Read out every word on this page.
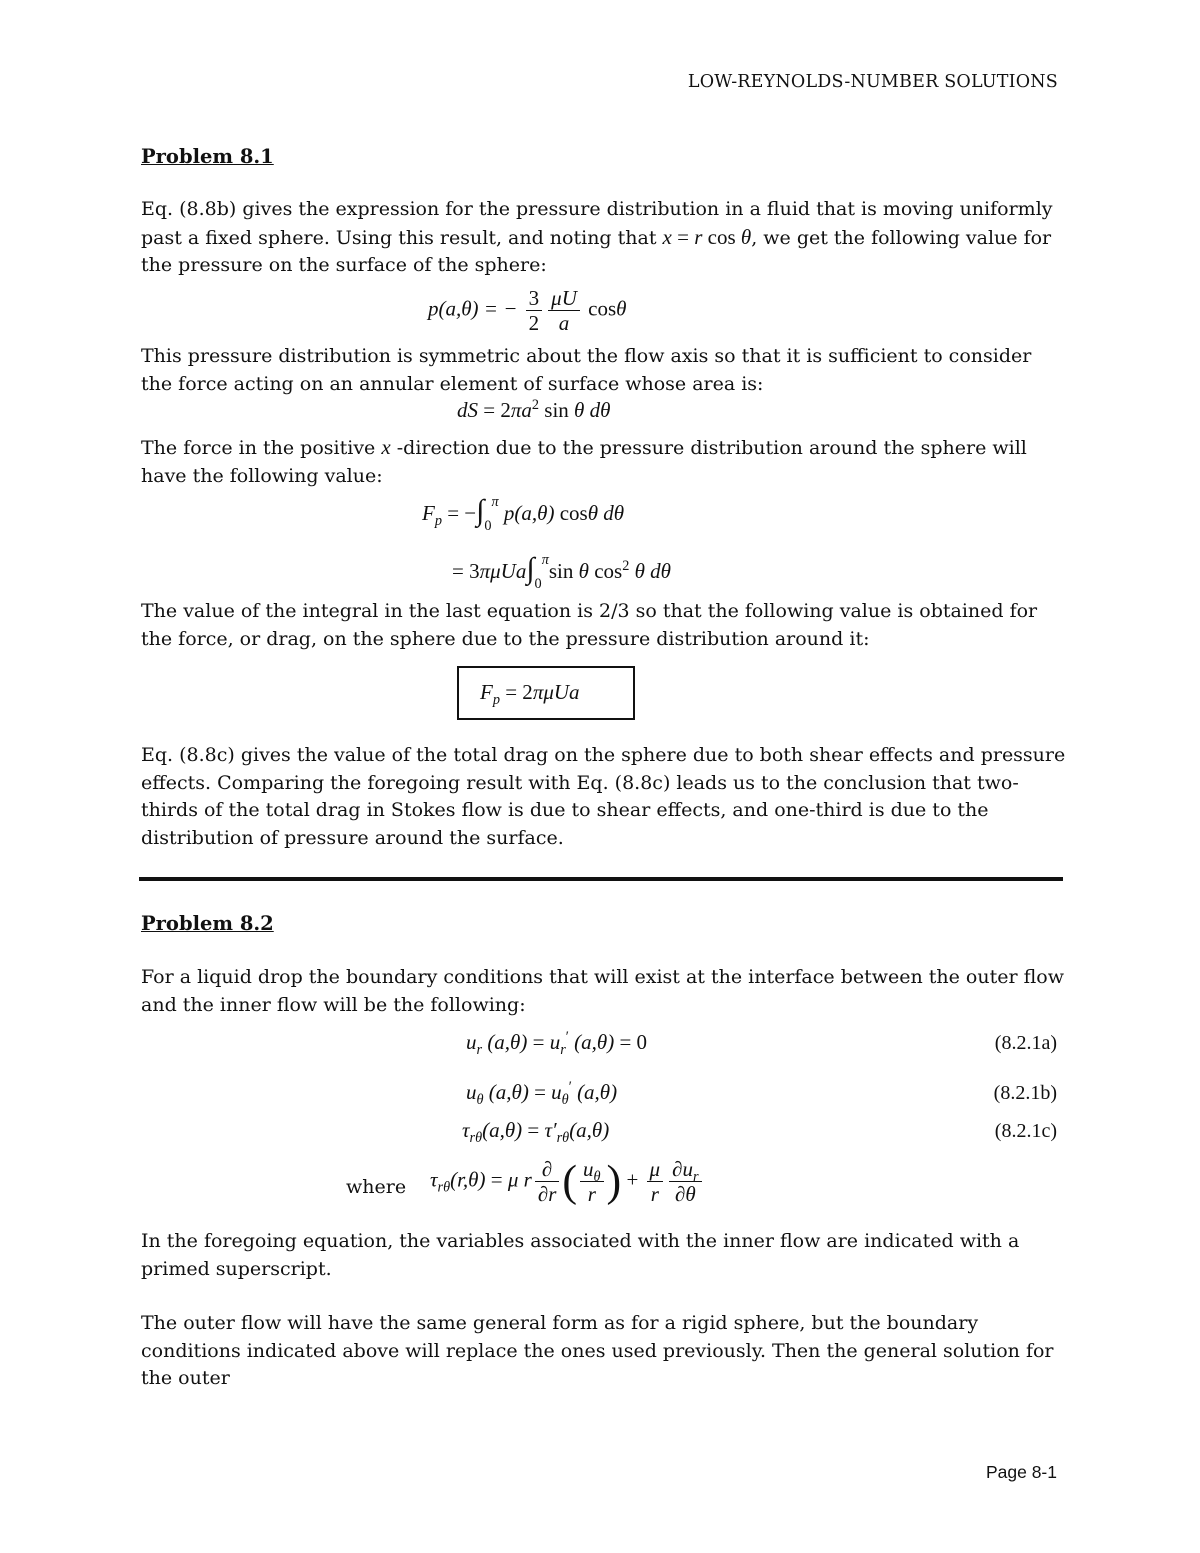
LOW-REYNOLDS-NUMBER SOLUTIONS
Problem 8.1
Eq. (8.8b) gives the expression for the pressure distribution in a fluid that is moving uniformly past a fixed sphere. Using this result, and noting that x = r cos θ, we get the following value for the pressure on the surface of the sphere:
p(a,θ) = − $\frac{3}{2} \frac{\mu U}{a}$ cosθ
This pressure distribution is symmetric about the flow axis so that it is sufficient to consider the force acting on an annular element of surface whose area is:
dS = $2\pi a^2$ sin θ dθ
The force in the positive x -direction due to the pressure distribution around the sphere will have the following value:
$F_p = -\int_0^\pi$ p(a,θ) cosθ dθ
= $3\pi\mu Ua\int_0^\pi\sin$ θ $\cos^2 \theta$ dθ
The value of the integral in the last equation is 2/3 so that the following value is obtained for the force, or drag, on the sphere due to the pressure distribution around it:
$F_p = 2\pi\mu Ua$
Eq. (8.8c) gives the value of the total drag on the sphere due to both shear effects and pressure effects. Comparing the foregoing result with Eq. (8.8c) leads us to the conclusion that two-thirds of the total drag in Stokes flow is due to shear effects, and one-third is due to the distribution of pressure around the surface.
Problem 8.2
For a liquid drop the boundary conditions that will exist at the interface between the outer flow and the inner flow will be the following:
$u_r$ $(a,\theta) = u_r'$ (a,θ) = 0	(8.2.1a)
$u_\theta$ $(a,\theta) = u_\theta'$ (a,θ)	(8.2.1b)
$\tau_{r\theta}(a,\theta) = \tau'_{r\theta}(a,\theta)$	(8.2.1c)
where $\tau_{r\theta}(r,\theta) = \mu$ r $\frac{\partial}{\partial r}$ ( $\frac{u_\theta}{r}$ ) + $\frac{\mu}{r} \frac{\partial u_r}{\partial\theta}$
In the foregoing equation, the variables associated with the inner flow are indicated with a primed superscript.
The outer flow will have the same general form as for a rigid sphere, but the boundary conditions indicated above will replace the ones used previously. Then the general solution for the outer
Page 8-1
